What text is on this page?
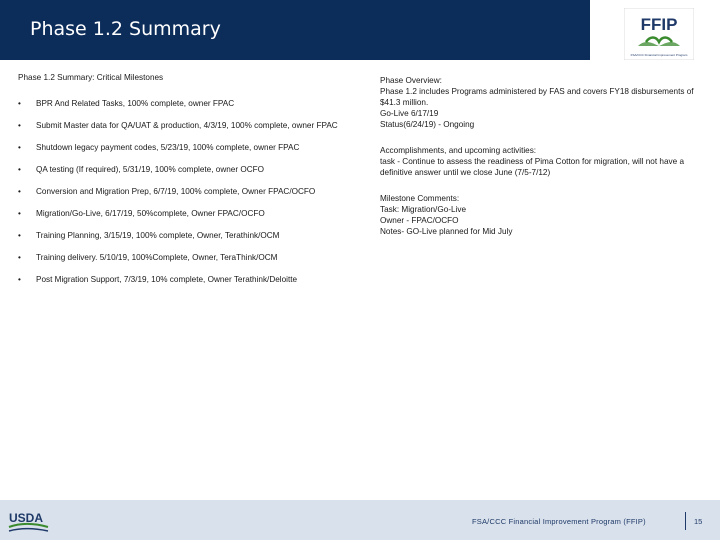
Phase 1.2 Summary	FFIP
FSA/CCC Financial Improvement Program
Phase 1.2 Summary: Critical Milestones
• BPR And Related Tasks, 100% complete, owner FPAC
• Submit Master data for QA/UAT & production, 4/3/19, 100% complete, owner FPAC
• Shutdown legacy payment codes, 5/23/19, 100% complete, owner FPAC
• QA testing (If required), 5/31/19, 100% complete, owner OCFO
• Conversion and Migration Prep, 6/7/19, 100% complete, Owner FPAC/OCFO
• Migration/Go-Live, 6/17/19, 50%complete, Owner FPAC/OCFO
• Training Planning, 3/15/19, 100% complete, Owner, Terathink/OCM
• Training delivery. 5/10/19, 100%Complete, Owner, TeraThink/OCM
• Post Migration Support, 7/3/19, 10% complete, Owner Terathink/Deloitte
Phase Overview:
Phase 1.2 includes Programs administered by FAS and covers FY18 disbursements of $41.3 million.
Go-Live 6/17/19
Status(6/24/19) - Ongoing
Accomplishments, and upcoming activities:
task - Continue to assess the readiness of Pima Cotton for migration, will not have a definitive answer until we close June (7/5-7/12)
Milestone Comments:
Task: Migration/Go-Live
Owner - FPAC/OCFO
Notes- GO-Live planned for Mid July
USDA	FSA/CCC Financial Improvement Program (FFIP)	15
